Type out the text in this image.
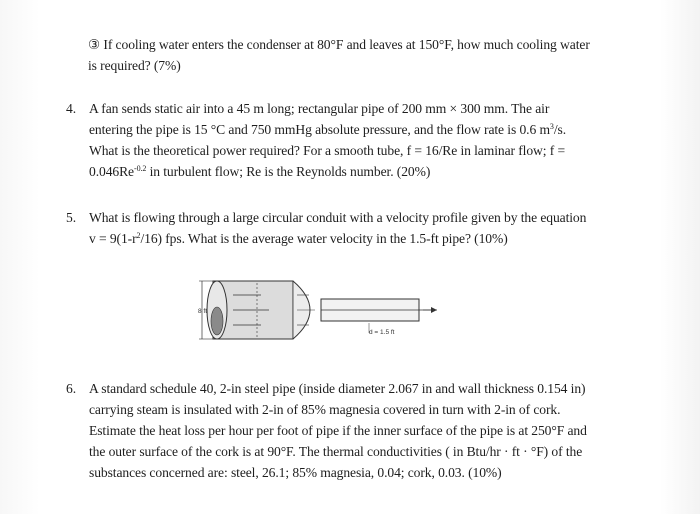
③ If cooling water enters the condenser at 80°F and leaves at 150°F, how much cooling water
is required? (7%)
4. A fan sends static air into a 45 m long; rectangular pipe of 200 mm × 300 mm. The air
entering the pipe is 15 °C and 750 mmHg absolute pressure, and the flow rate is 0.6 $m^3/s$.
What is the theoretical power required? For a smooth tube, f = 16/Re in laminar flow; f =
$0.046Re^{-0.2}$ in turbulent flow; Re is the Reynolds number. (20%)
5. What is flowing through a large circular conduit with a velocity profile given by the equation
$v = 9(1-r^2/16)$ fps. What is the average water velocity in the 1.5-ft pipe? (10%)
8 ft
d = 1.5 ft
6. A standard schedule 40, 2-in steel pipe (inside diameter 2.067 in and wall thickness 0.154 in)
carrying steam is insulated with 2-in of 85% magnesia covered in turn with 2-in of cork.
Estimate the heat loss per hour per foot of pipe if the inner surface of the pipe is at 250°F and
the outer surface of the cork is at 90°F. The thermal conductivities ( in Btu/hr · ft · °F) of the
substances concerned are: steel, 26.1; 85% magnesia, 0.04; cork, 0.03. (10%)
